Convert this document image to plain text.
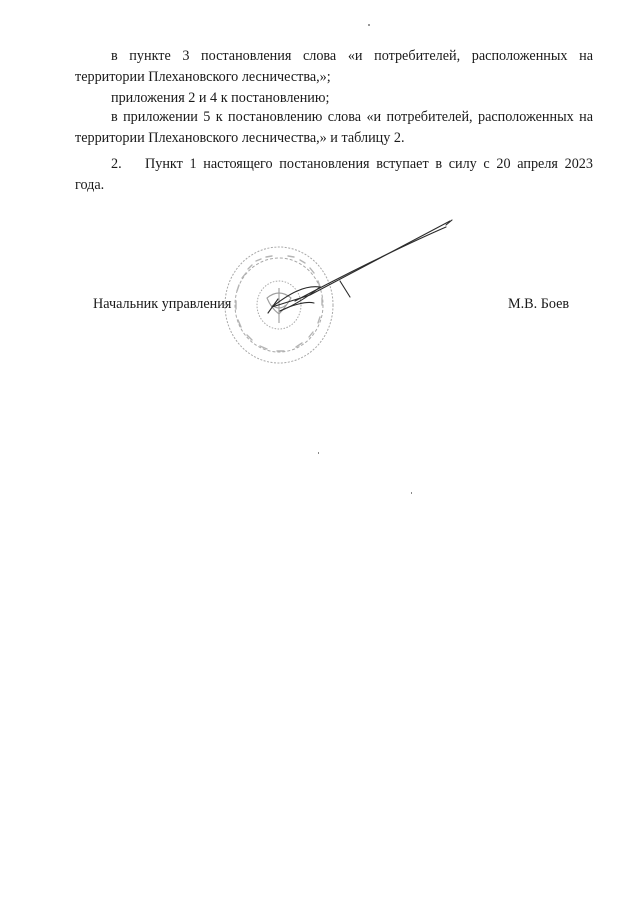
в пункте 3 постановления слова «и потребителей, расположенных на территории Плехановского лесничества,»;

приложения 2 и 4 к постановлению;

в приложении 5 к постановлению слова «и потребителей, расположенных на территории Плехановского лесничества,» и таблицу 2.

2. Пункт 1 настоящего постановления вступает в силу с 20 апреля 2023 года.

Начальник управления	М.В. Боев
